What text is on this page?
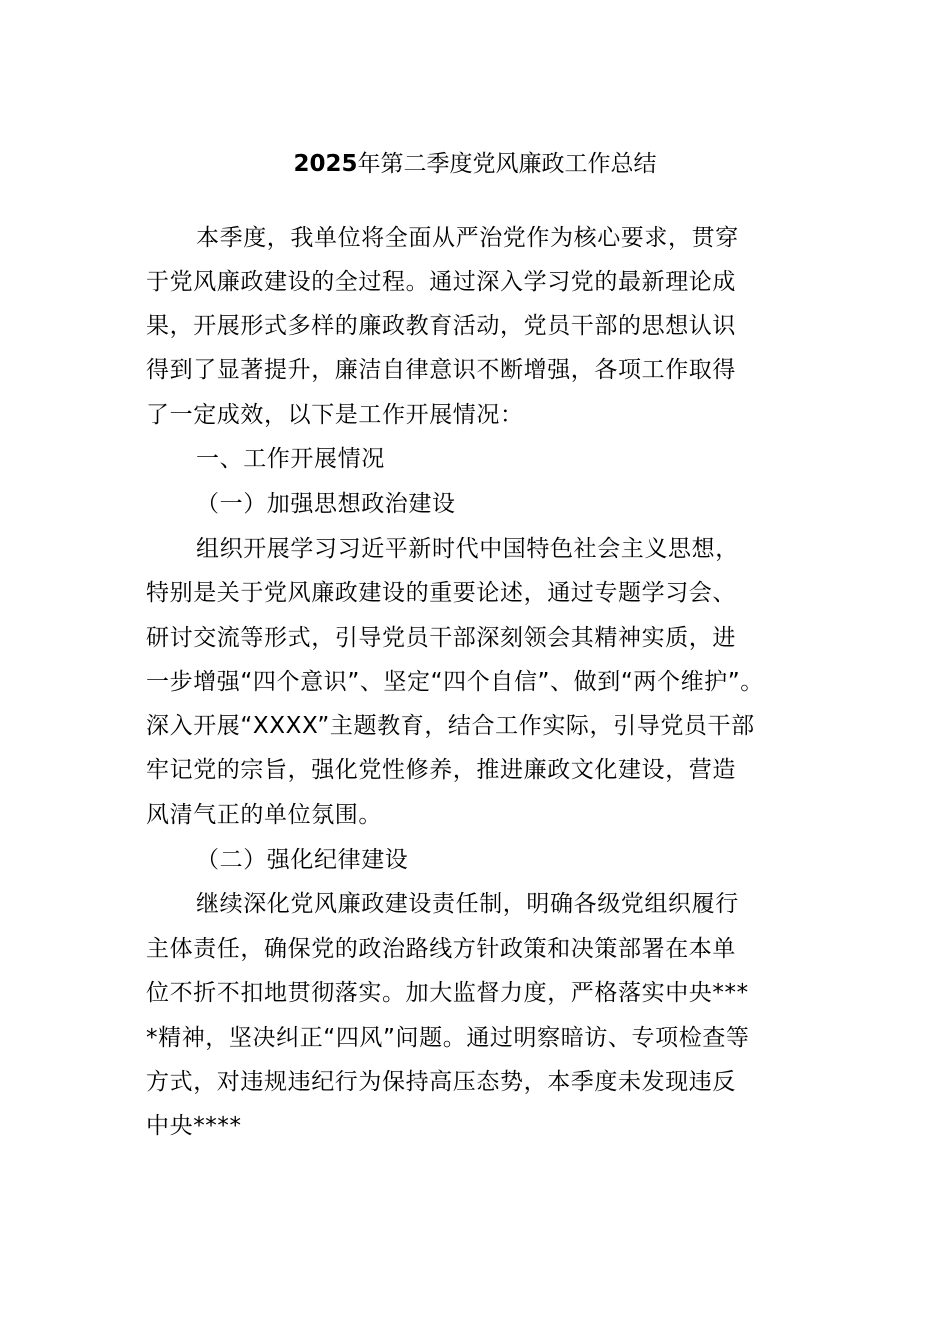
2025年第二季度党风廉政工作总结
本季度，我单位将全面从严治党作为核心要求，贯穿
于党风廉政建设的全过程。通过深入学习党的最新理论成
果，开展形式多样的廉政教育活动，党员干部的思想认识
得到了显著提升，廉洁自律意识不断增强，各项工作取得
了一定成效，以下是工作开展情况：
一、工作开展情况
（一）加强思想政治建设
组织开展学习习近平新时代中国特色社会主义思想，
特别是关于党风廉政建设的重要论述，通过专题学习会、
研讨交流等形式，引导党员干部深刻领会其精神实质，进
一步增强“四个意识”、坚定“四个自信”、做到“两个维护”。
深入开展“XXXX”主题教育，结合工作实际，引导党员干部
牢记党的宗旨，强化党性修养，推进廉政文化建设，营造
风清气正的单位氛围。
（二）强化纪律建设
继续深化党风廉政建设责任制，明确各级党组织履行
主体责任，确保党的政治路线方针政策和决策部署在本单
位不折不扣地贯彻落实。加大监督力度，严格落实中央***
*精神，坚决纠正“四风”问题。通过明察暗访、专项检查等
方式，对违规违纪行为保持高压态势，本季度未发现违反
中央****
